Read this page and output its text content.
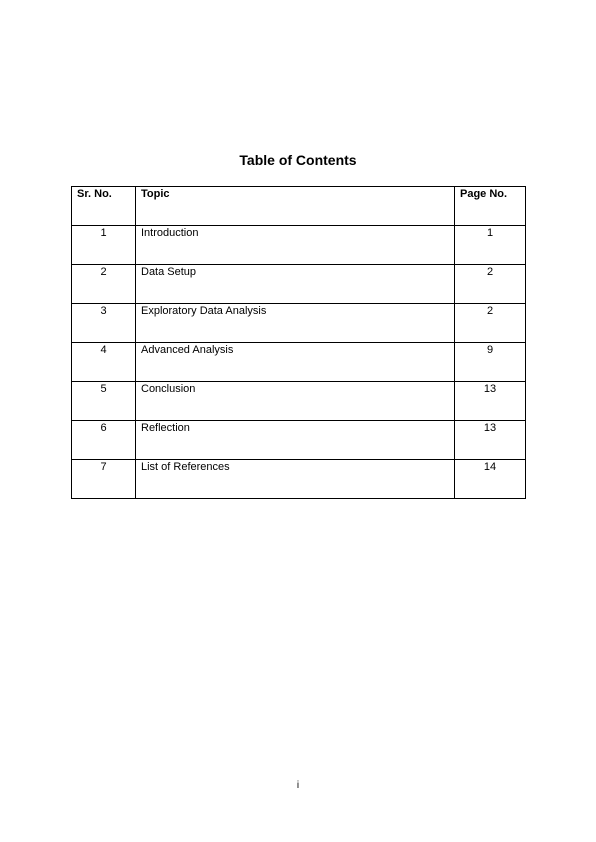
Table of Contents
Sr. No.	Topic	Page No.
1	Introduction	1
2	Data Setup	2
3	Exploratory Data Analysis	2
4	Advanced Analysis	9
5	Conclusion	13
6	Reflection	13
7	List of References	14
i
